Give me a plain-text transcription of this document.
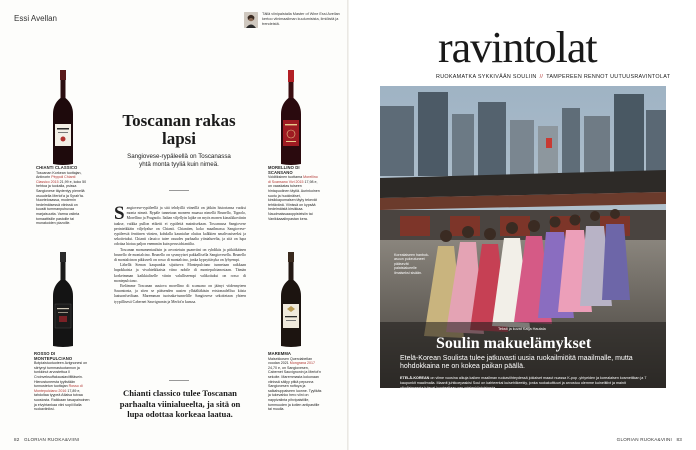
Essi Avellan
CHIANTI CLASSICO
Toscanan Korkean tuottajan, Antinorin Pèppoli Chianti Classico 2015 21,99 e, koko 50 hehtoa ja tuokalla, psissa Sangiovese täydentyy pienellä osuudella Merlot'a ja Syrah'ta. Nuortelosassa, modernin hedelmäisessä viinissä on kuusiti tummanpuhuvaa marjaisuutta. Varma valinta tomaattisille pastoille tai munakoiden pizzoille.
ROSSO DI MONTEPULCIANO
Botpiaistuotuoteen Avignonesi on siirtynyt tummastuotannon ja tunkkinut arvostettua Il Croinveksuffakausiaviifiltäsein. Hienostuneesta tyylistään tunnustetun tuottajan Rosso di Montepulciano 2016 17,89 e, tahdoltaa tyypeä Atlaisa tutvaa suosiosta. Raikkaan tasapainoinen ja elvyhtankaa viini sopii illalla ruokaviiniksi.
MORELLINO DI SCANSANO
Voidtiksinen tuottama Morellino di Scansano Vivi 2015 17,98 e, on vaaskatas tuiseen hintapuolinen täytiä. Aurinkoinen suotu ja huokinäiset, kirsikkapomalsen täyty tekevät tehtävänä. Viinissä on kypsää hedelmäistä kirsikkaa. Naudmaissaaoppisteisiin tai Vanikkaaalinpastan kera.
MAREMMA
Maisekkosen Querciabellan voodan 2021 Mongrana 2017 24,70 e, on Sangiovesen, Cabernet Sauvignonin ja Merlot'n sekoite. Maremmasta kokonaan viinissä säilyy pitkä pepunna Sangiovesen noftoya ja salkahuppaiseen luonne. Tyylikäs ja tukevahko hero viini on nappivalinta pihvipaistiille, tummuuden ja kotien antipastille tai muulla.
Toscanan rakas lapsi
Sangiovese-rypäleellä on Toscanassa yhtä monta tyyliä kuin nimeä.

Sangiovese-rypäleellä ja sitä tehdyillä viineillä on jätkän historiansa vuoksi monta nimeä. Rypäle tunnetaan moneen muassa nimellä Brunello, Tignolo, Morellino ja Prugnolo. Italian viljellyin lajike on myös monen kiassikkoviinin taakse, vaikka pullon etiketti ei rypälettä mainitsekaan. Toscanassa Sangiovese perinteikkäin viljelyalue on Chianti. Chiantien, koko maailmassa Sangiovese-rypäleestä fenttinen viinien, kohdalla kaunialue oluitas kalkkien smaltvasiseeksi ja sekoitetuksi. Chianti classico tuiee osuudes parhaalta yiinialueelta, ja sitä on lupa odottaa hiotua paljon enemmän kuin perusichiantilta.

Toscanan monumentaalisin ja arvostetuin puanviini on ryhdikäs ja pitkäikäinen brunello de montalcino. Brunello on sysmyyiset pakkallisella Sangiovesella. Brunello di montalcinon pikkuveli on rosso di montalcino, jonka kypsyttäsyka on lyhyempi.

Lähellä Sienan kaupunkia sijaitseva Montepulciano tunnetaan raikkaan hapokkaista ja vivahteikkaista viino nobile di montepulcianostaan. Tämän korkeimman kaikkialiselle viinin valulliseempi valikoituksi on rosso di montepulciano.

Etelämme Toscanan uusiova morellino di scansano on jäänyt viidennyteen Sauontonta, ja siten se pääsenden uusien ylhäältäkäsin ertsionaalellisa kiista laatuonfsetfiaan. Maremman tuotsnka-tunnelille Sangiovese sekoitetaan yhteen tyypillisesti Cabernet Sauvignonin ja Merlot'n kanssa.

Chianti classico tulee Toscanan parhaalta viinialueelta, ja sitä on lupa odottaa korkeaa laatua.
82 GLORIAN RUOKA&VIINI
Tällä viinipalstalla Master of Wine Essi Avellan kertoo viinimaailman kuulumisista, ilmiöistä ja trendeistä.	ravintolat
RUOKAMATKA SYKKIVÄÄN SOULIIN // TAMPEREEN RENNOT UUTUUSRAVINTOLAT
Korealaiseen hanbok-asuun pukeutuneet pääsevät palatsialueelle ilmaiseksi sisään.
Teksti ja kuvat Katja Hautala
Soulin makuelämykset
Etelä-Korean Soulista tulee jatkuvasti uusia ruokailmiöitä maailmalle, mutta hohdokkaina ne on kokea paikan päällä.
ETELÄ-KOREAN on viime vuosina alkuja kaiken maailman ruokaviihteydessä jokiaiset maaut nuassa K-pop -yhtyeiden ja korealaisen kosmetiikan ja 7 kaupunkit maailmalla. Maanit juhtkoepaskisi Soul on kahteentai kuisehiikeekiy, jonka ruokakulttuuri ja arvostuu olemme kuinelitiivt ja mainit vihollaimeesta tulevat luonteeltaan sen mielenkiintoisimpia.
GLORIAN RUOKA&VIINI 83
